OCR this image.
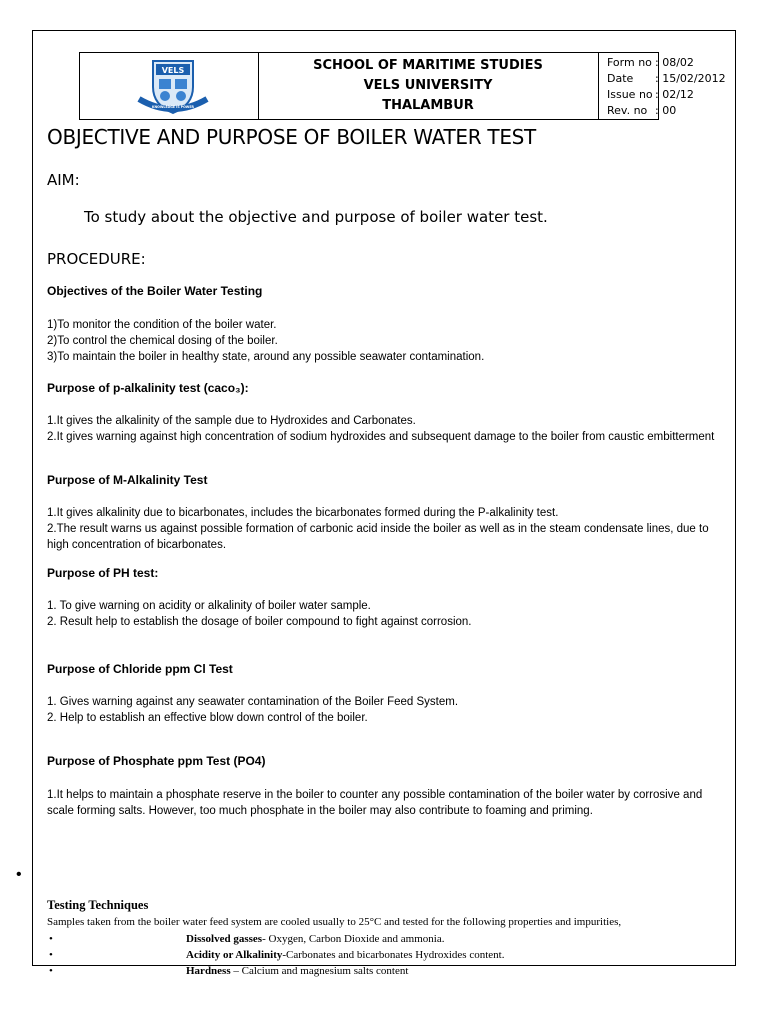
VELS
KNOWLEDGE IS POWER
SCHOOL OF MARITIME STUDIES
VELS UNIVERSITY
THALAMBUR
Form no : 08/02
Date : 15/02/2012
Issue no : 02/12
Rev. no : 00
OBJECTIVE AND PURPOSE OF BOILER WATER TEST
AIM:
To study about the objective and purpose of boiler water test.
PROCEDURE:
Objectives of the Boiler Water Testing
1)To monitor the condition of the boiler water.
2)To control the chemical dosing of the boiler.
3)To maintain the boiler in healthy state, around any possible seawater contamination.
Purpose of p-alkalinity test (caco₃):
1.It gives the alkalinity of the sample due to Hydroxides and Carbonates.
2.It gives warning against high concentration of sodium hydroxides and subsequent damage to the boiler from caustic embitterment
Purpose of M-Alkalinity Test
1.It gives alkalinity due to bicarbonates, includes the bicarbonates formed during the P-alkalinity test.
2.The result warns us against possible formation of carbonic acid inside the boiler as well as in the steam condensate lines, due to high concentration of bicarbonates.
Purpose of PH test:
1. To give warning on acidity or alkalinity of boiler water sample.
2. Result help to establish the dosage of boiler compound to fight against corrosion.
Purpose of Chloride ppm Cl Test
1. Gives warning against any seawater contamination of the Boiler Feed System.
2. Help to establish an effective blow down control of the boiler.
Purpose of Phosphate ppm Test (PO4)
1.It helps to maintain a phosphate reserve in the boiler to counter any possible contamination of the boiler water by corrosive and scale forming salts. However, too much phosphate in the boiler may also contribute to foaming and priming.
•
Testing Techniques
Samples taken from the boiler water feed system are cooled usually to 25°C and tested for the following properties and impurities,
•	Dissolved gasses- Oxygen, Carbon Dioxide and ammonia.
•	Acidity or Alkalinity-Carbonates and bicarbonates Hydroxides content.
•	Hardness – Calcium and magnesium salts content
